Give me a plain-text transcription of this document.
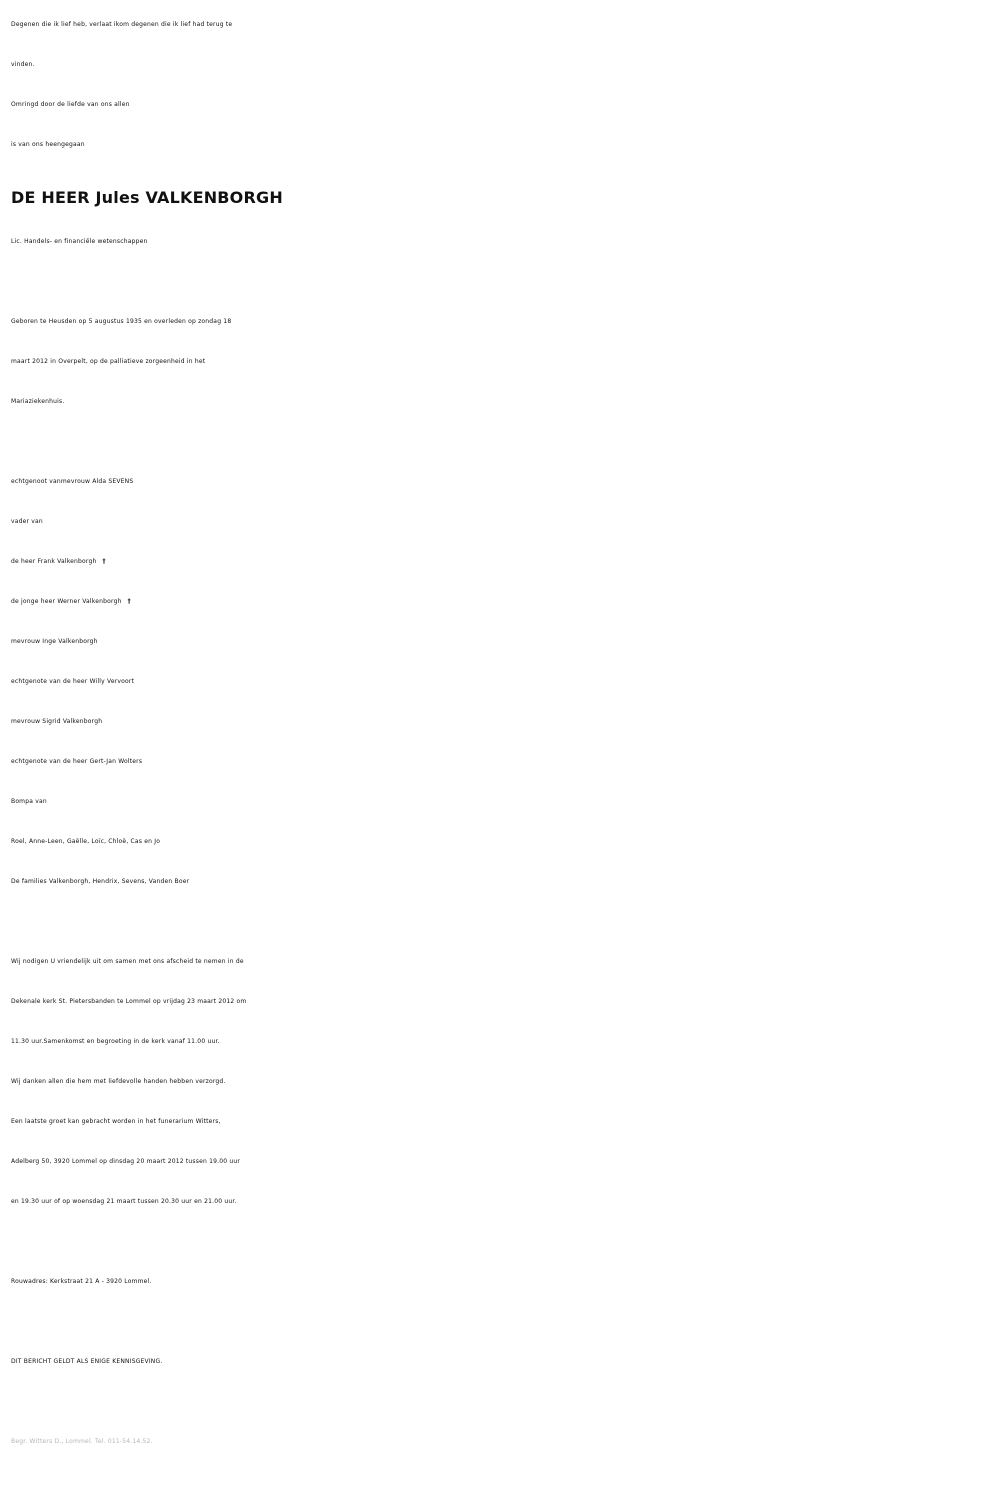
Degenen die ik lief heb, verlaat ikom degenen die ik lief had terug te
vinden.
Omringd door de liefde van ons allen
is van ons heengegaan
DE HEER Jules VALKENBORGH
Lic. Handels- en financiële wetenschappen
Geboren te Heusden op 5 augustus 1935 en overleden op zondag 18
maart 2012 in Overpelt, op de palliatieve zorgeenheid in het
Mariaziekenhuis.
echtgenoot vanmevrouw Alda SEVENS
vader van
de heer Frank Valkenborgh †
de jonge heer Werner Valkenborgh †
mevrouw Inge Valkenborgh
echtgenote van de heer Willy Vervoort
mevrouw Sigrid Valkenborgh
echtgenote van de heer Gert-Jan Wolters
Bompa van
Roel, Anne-Leen, Gaëlle, Loïc, Chloë, Cas en Jo
De families Valkenborgh, Hendrix, Sevens, Vanden Boer
Wij nodigen U vriendelijk uit om samen met ons afscheid te nemen in de
Dekenale kerk St. Pietersbanden te Lommel op vrijdag 23 maart 2012 om
11.30 uur.Samenkomst en begroeting in de kerk vanaf 11.00 uur.
Wij danken allen die hem met liefdevolle handen hebben verzorgd.
Een laatste groet kan gebracht worden in het funerarium Witters,
Adelberg 50, 3920 Lommel op dinsdag 20 maart 2012 tussen 19.00 uur
en 19.30 uur of op woensdag 21 maart tussen 20.30 uur en 21.00 uur.
Rouwadres: Kerkstraat 21 A - 3920 Lommel.
DIT BERICHT GELDT ALS ENIGE KENNISGEVING.
Begr. Witters D., Lommel. Tel. 011-54.14.52.
